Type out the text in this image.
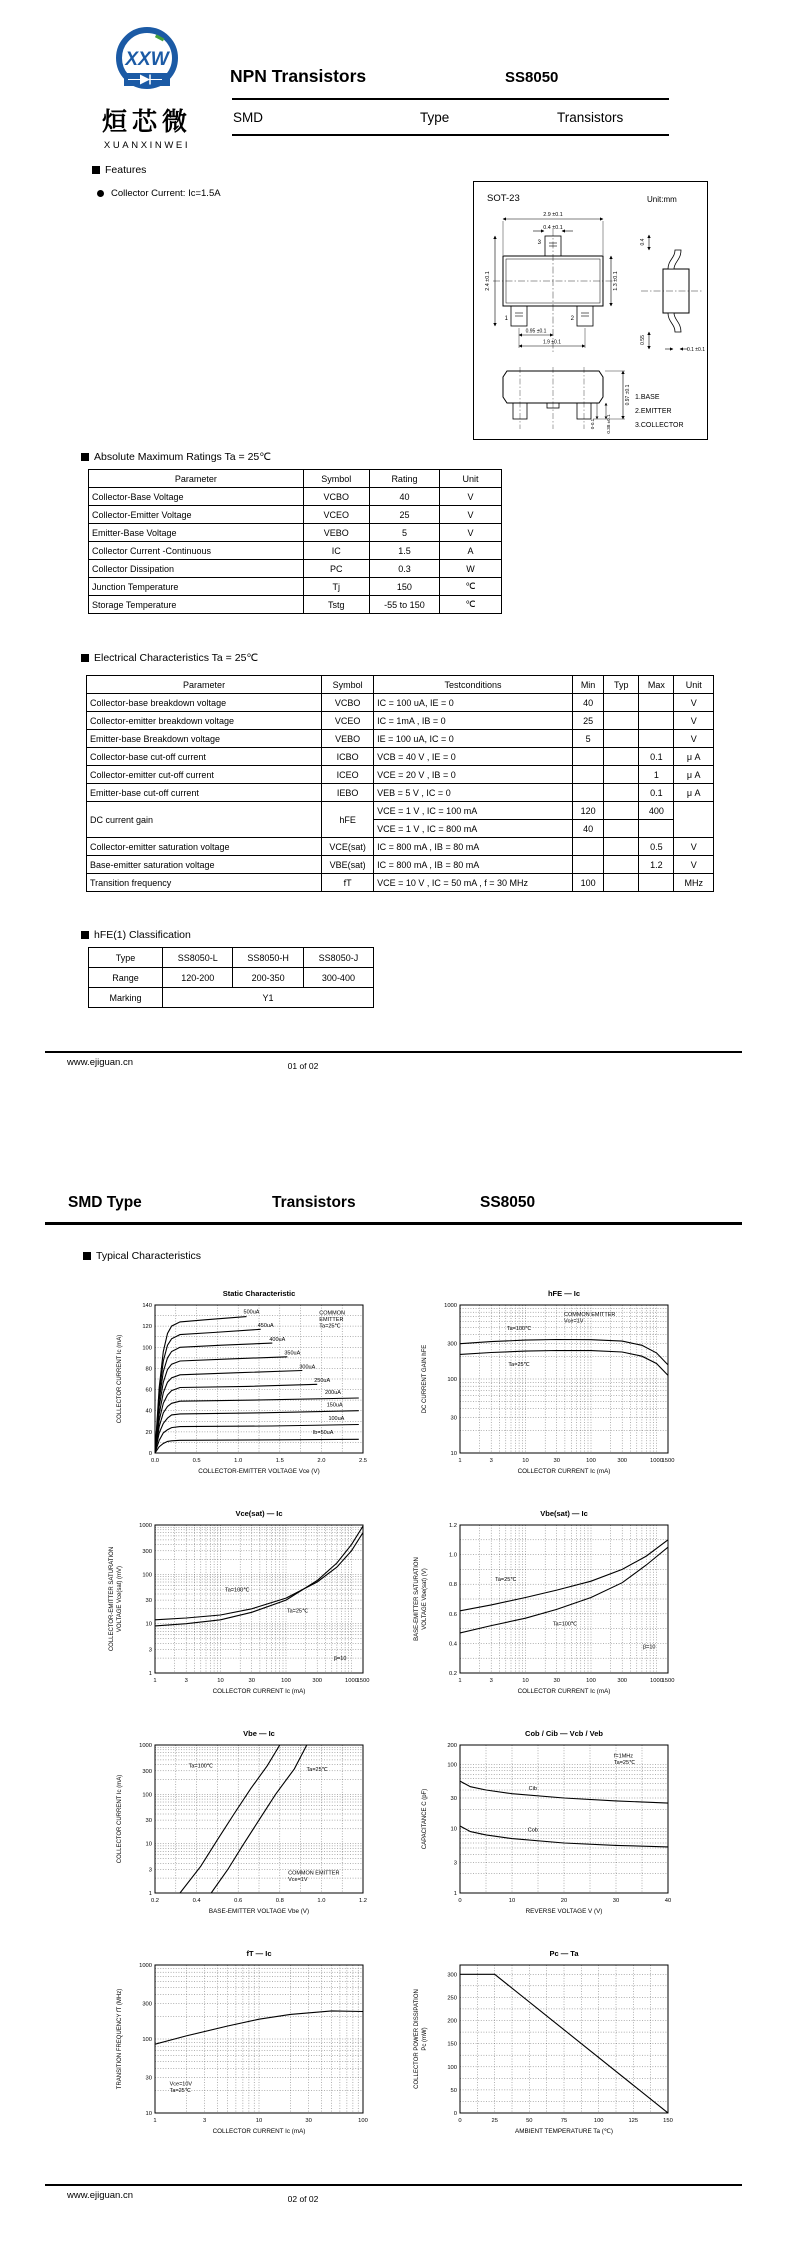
XXW
烜芯微
XUANXINWEI
NPN Transistors	SS8050
SMD	Type	Transistors
Features
Collector Current: Ic=1.5A	SOT-23	Unit:mm
2.9 ±0.1
0.4 ±0.1
2.4 ±0.1	1.3 ±0.1
0.95 ±0.1
1.9 ±0.1
3
1	2
0.4
0.55
0.1 ±0.1
0.97 ±0.1
0-0.1 0.38 ±0.1
1.BASE
2.EMITTER
3.COLLECTOR
Absolute Maximum Ratings Ta = 25℃
Parameter	Symbol	Rating	Unit
Collector-Base Voltage	VCBO	40	V
Collector-Emitter Voltage	VCEO	25	V
Emitter-Base Voltage	VEBO	5	V
Collector Current -Continuous	IC	1.5	A
Collector Dissipation	PC	0.3	W
Junction Temperature	Tj	150	℃
Storage Temperature	Tstg	-55 to 150	℃
Electrical Characteristics Ta = 25℃
Parameter	Symbol	Testconditions	Min	Typ	Max	Unit
Collector-base breakdown voltage	VCBO	IC = 100 uA, IE = 0	40			V
Collector-emitter breakdown voltage	VCEO	IC = 1mA , IB = 0	25			V
Emitter-base Breakdown voltage	VEBO	IE = 100 uA, IC = 0	5			V
Collector-base cut-off current	ICBO	VCB = 40 V , IE = 0			0.1	μ A
Collector-emitter cut-off current	ICEO	VCE = 20 V , IB = 0			1	μ A
Emitter-base cut-off current	IEBO	VEB = 5 V , IC = 0			0.1	μ A
DC current gain	hFE	VCE = 1 V , IC = 100 mA	120		400	
		VCE = 1 V , IC = 800 mA	40			
Collector-emitter saturation voltage	VCE(sat)	IC = 800 mA , IB = 80 mA			0.5	V
Base-emitter saturation voltage	VBE(sat)	IC = 800 mA , IB = 80 mA			1.2	V
Transition frequency	fT	VCE = 10 V , IC = 50 mA , f = 30 MHz	100			MHz
hFE(1) Classification
Type	SS8050-L	SS8050-H	SS8050-J
Range	120-200	200-350	300-400
Marking	Y1		
www.ejiguan.cn	01 of 02
SMD Type	Transistors	SS8050
Typical Characteristics
Static Characteristic
0.0	0.5	1.0	1.5	2.0	2.5
0
20
40
60
80
100
120
140
500uA
450uA
400uA
350uA
300uA
250uA
200uA
150uA
100uA
Ib=50uA
COMMON
EMITTER
Ta=25℃
COLLECTOR-EMITTER VOLTAGE Vce (V)
COLLECTOR CURRENT Ic (mA)
hFE — Ic
1	3	10	30	100	300	1000
1500
10
30
100
300
1000
Ta=100℃
Ta=25℃
COMMON EMITTER
Vce=1V
COLLECTOR CURRENT Ic (mA)
DC CURRENT GAIN hFE
Vce(sat) — Ic
1	3	10	30	100	300	1000
1500
1
3
10
30
100
300
1000
Ta=100℃
Ta=25℃
β=10
COLLECTOR CURRENT Ic (mA)
COLLECTOR-EMITTER SATURATION VOLTAGE Vce(sat) (mV)
Vbe(sat) — Ic
1	3	10	30	100	300	1000
1500
0.2
0.4
0.6
0.8
1.0
1.2
Ta=25℃
Ta=100℃
β=10
COLLECTOR CURRENT Ic (mA)
BASE-EMITTER SATURATION VOLTAGE Vbe(sat) (V)
Vbe — Ic
0.2	0.4	0.6	0.8	1.0	1.2
1
3
10
30
100
300
1000
Ta=100℃
Ta=25℃
COMMON EMITTER
Vce=1V
BASE-EMITTER VOLTAGE Vbe (V)
COLLECTOR CURRENT Ic (mA)
Cob / Cib — Vcb / Veb
0	10	20	30	40
1
3
10
30
100
200
Cib
Cob
f=1MHz
Ta=25℃
REVERSE VOLTAGE V (V)
CAPACITANCE C (pF)
fT — Ic
1	3	10	30	100
10
30
100
300
1000
Vce=10V
Ta=25℃
COLLECTOR CURRENT Ic (mA)
TRANSITION FREQUENCY fT (MHz)
Pc — Ta
0	25	50	75	100	125	150
0
50
100
150
200
250
300
AMBIENT TEMPERATURE Ta (℃)
COLLECTOR POWER DISSIPATION Pc (mW)
www.ejiguan.cn	02 of 02
